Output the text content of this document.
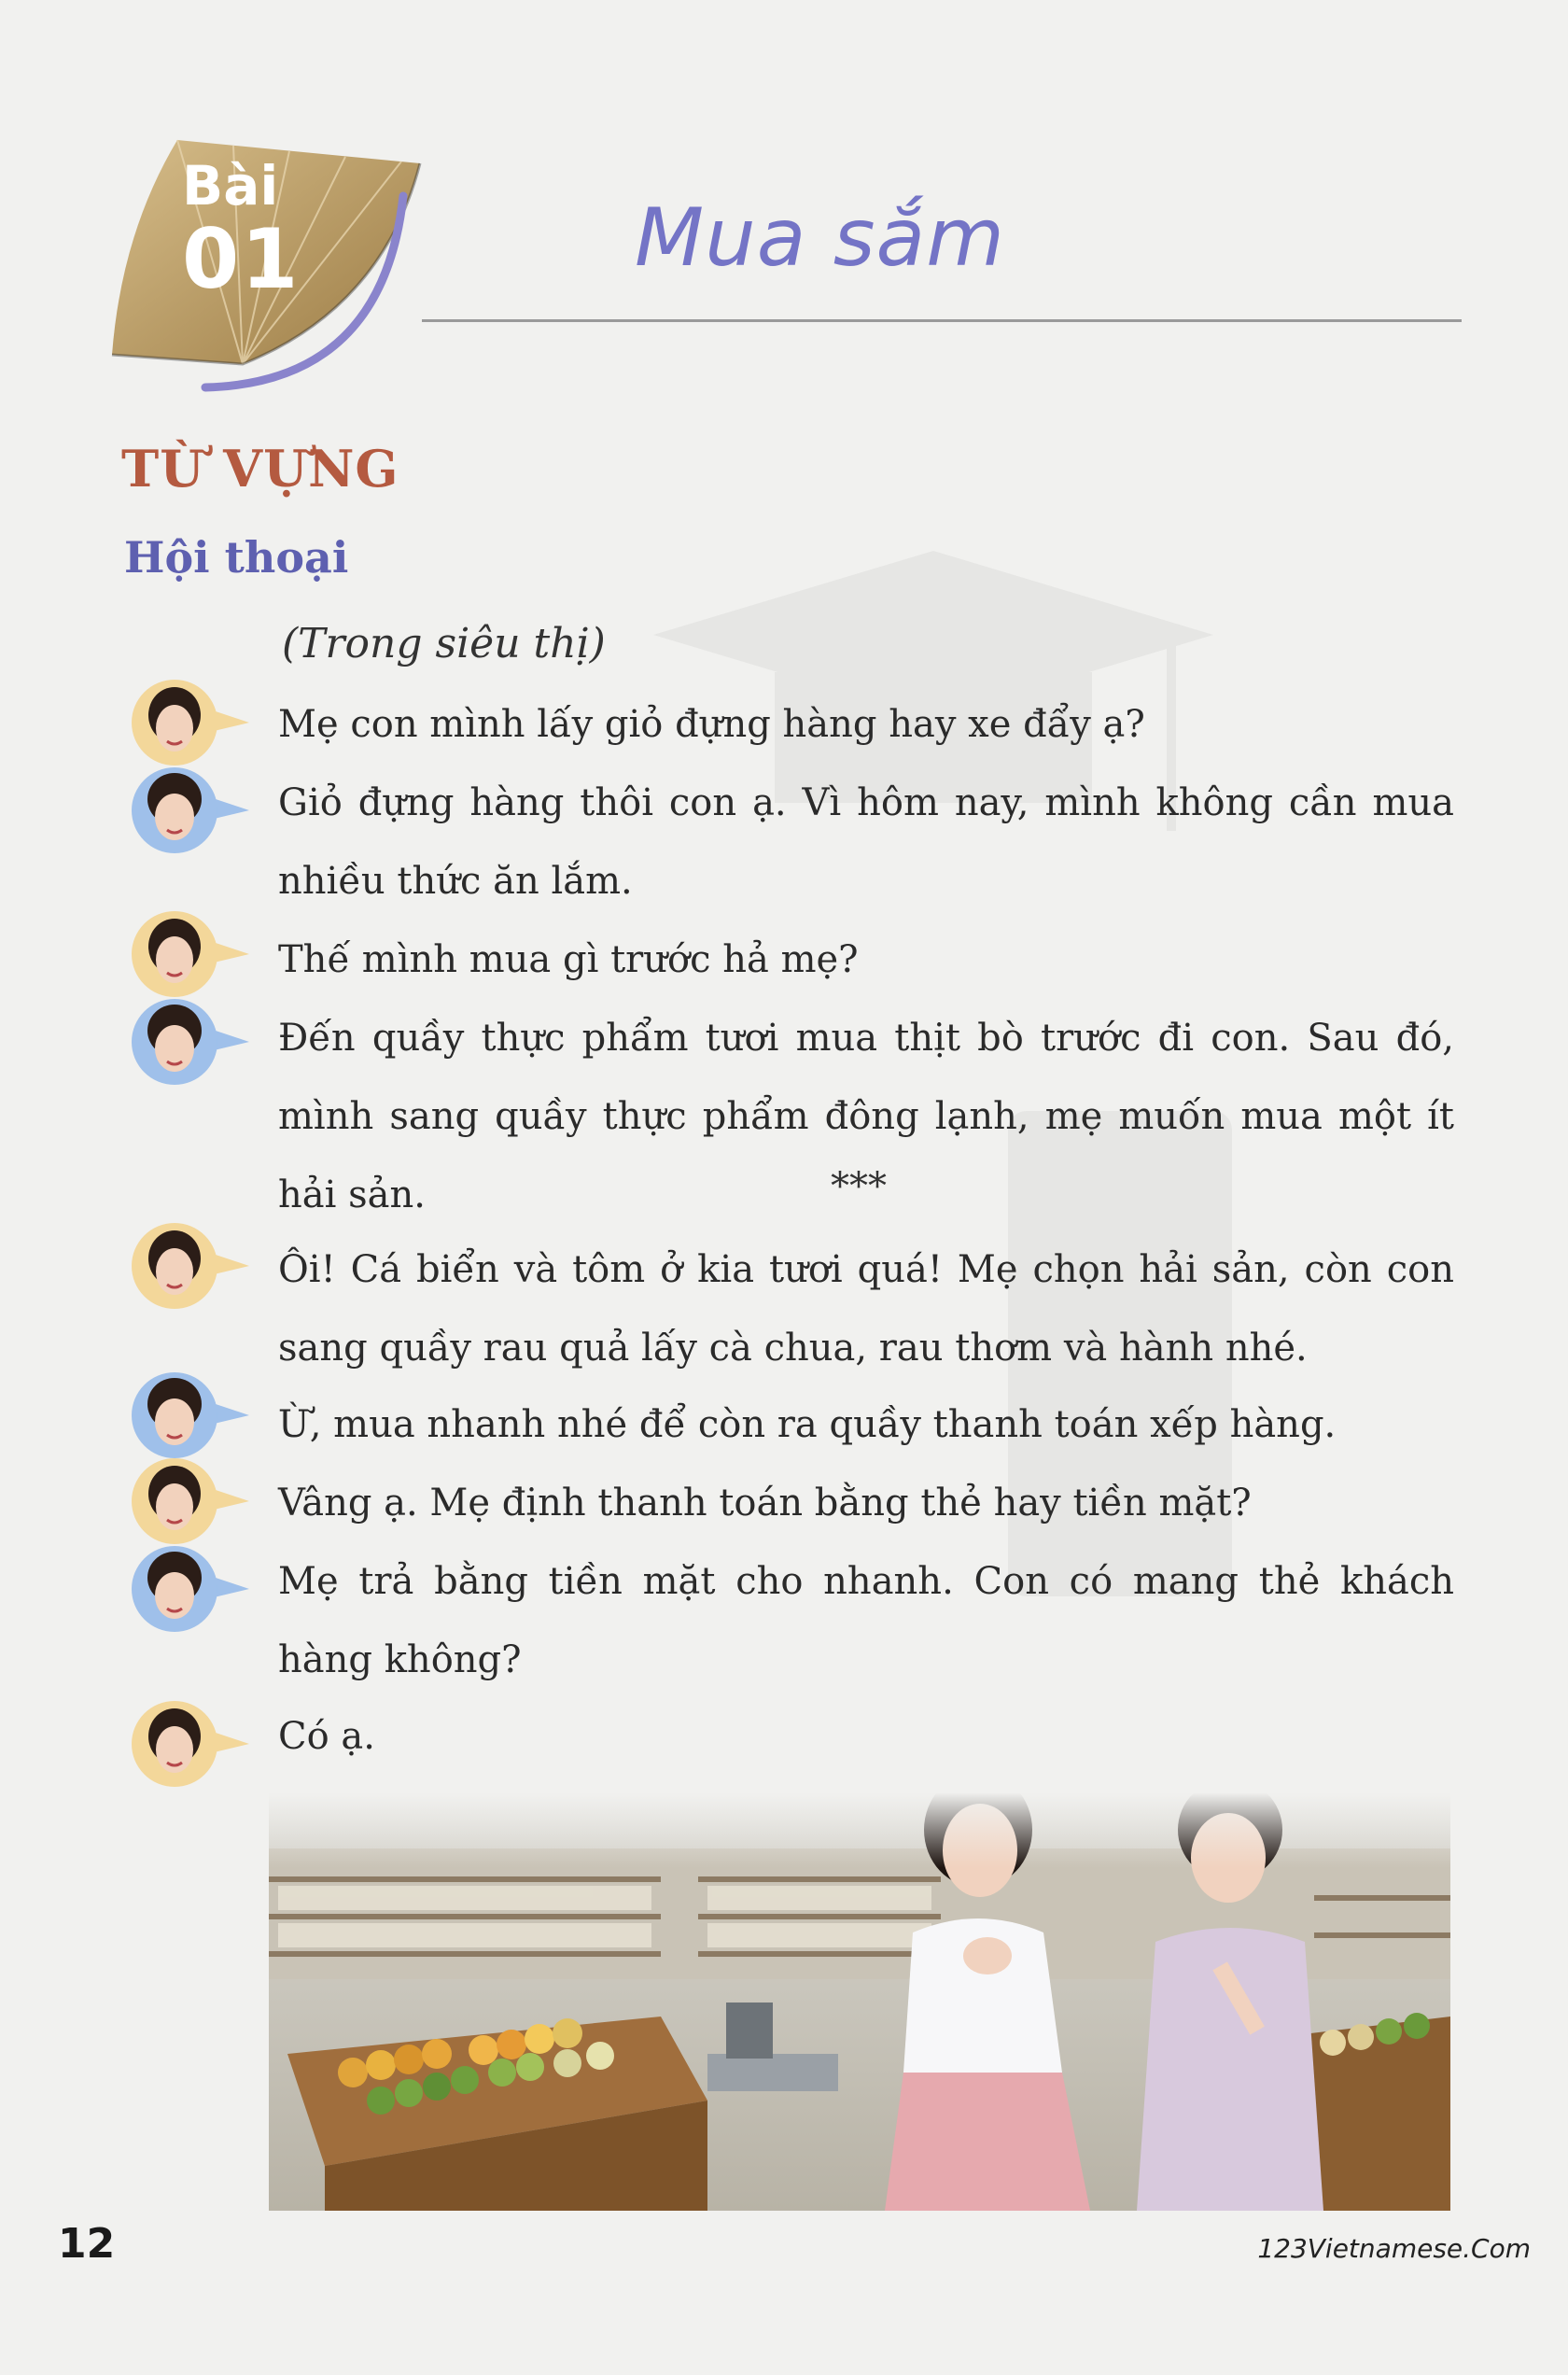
Bài
01	Mua sắm
TỪ VỰNG
Hội thoại
(Trong siêu thị)
Mẹ con mình lấy giỏ đựng hàng hay xe đẩy ạ?
Giỏ đựng hàng thôi con ạ. Vì hôm nay, mình không cần mua nhiều thức ăn lắm.
Thế mình mua gì trước hả mẹ?
Đến quầy thực phẩm tươi mua thịt bò trước đi con. Sau đó, mình sang quầy thực phẩm đông lạnh, mẹ muốn mua một ít hải sản.	***
Ôi! Cá biển và tôm ở kia tươi quá! Mẹ chọn hải sản, còn con sang quầy rau quả lấy cà chua, rau thơm và hành nhé.
Ừ, mua nhanh nhé để còn ra quầy thanh toán xếp hàng.
Vâng ạ. Mẹ định thanh toán bằng thẻ hay tiền mặt?
Mẹ trả bằng tiền mặt cho nhanh. Con có mang thẻ khách hàng không?
Có ạ.
12	123Vietnamese.Com
